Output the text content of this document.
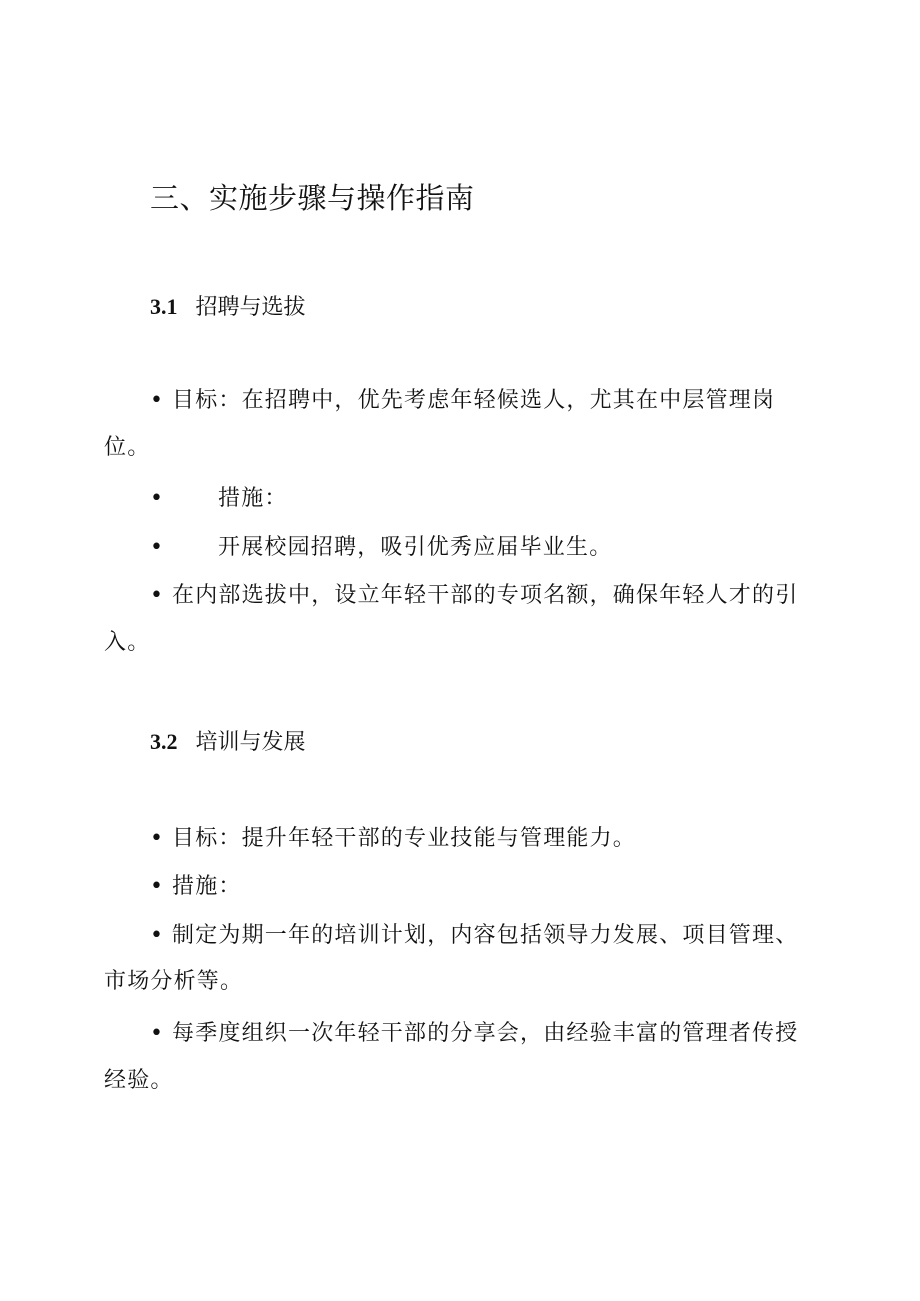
三、实施步骤与操作指南
3.1 招聘与选拔
• 目标：在招聘中，优先考虑年轻候选人，尤其在中层管理岗
位。
• 措施：
• 开展校园招聘，吸引优秀应届毕业生。
• 在内部选拔中，设立年轻干部的专项名额，确保年轻人才的引
入。
3.2 培训与发展
• 目标：提升年轻干部的专业技能与管理能力。
• 措施：
• 制定为期一年的培训计划，内容包括领导力发展、项目管理、
市场分析等。
• 每季度组织一次年轻干部的分享会，由经验丰富的管理者传授
经验。
